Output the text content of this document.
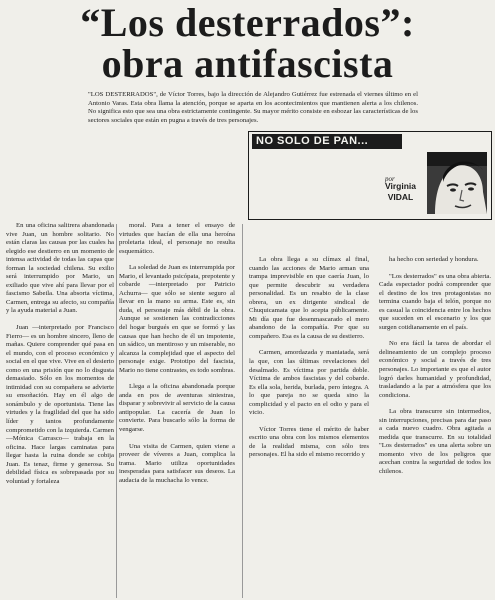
“Los desterrados”:
obra antifascista

"LOS DESTERRADOS", de Víctor Torres, bajo la dirección de Alejandro Gutiérrez fue estrenada el viernes último en el Antonio Varas. Esta obra llama la atención, porque se aparta en los acontecimientos que mantienen alerta a los chilenos. No significa esto que sea una obra estrictamente contingente. Su mayor mérito consiste en esbozar las características de los sectores sociales que están en pugna a través de tres personajes.

NO SOLO DE PAN...
por
Virginia
VIDAL

En una oficina salitrera abandonada vive Juan, un hombre solitario. No están claras las causas por las cuales ha elegido ese destierro en un momento de intensa actividad de todas las capas que forman la sociedad chilena. Su exilio será interrumpido por Mario, un exiliado que vive ahí para llevar por el fascismo Sabeila. Una absorta víctima, Carmen, entrega su afecto, su compañía y la ayuda material a Juan.

Juan —interpretado por Francisco Fierro— es un hombre sincero, lleno de mañas. Quiere comprender qué pasa en el mundo, con el proceso económico y social en el que vive. Vive en el desierto como en una prisión que no lo disgusta demasiado. Sólo en los momentos de intimidad con su compañera se advierte su ensoñación. Hay en él algo de sonámbulo y de oportunista. Tiene las virtudes y la fragilidad del que ha sido líder y tantos profundamente comprometido con la izquierda. Carmen —Mónica Carrasco— trabaja en la oficina. Hace largas caminatas para llegar hasta la ruina donde se cobija Juan. Es tenaz, firme y generosa. Su debilidad física es sobrepasada por su voluntad y fortaleza

moral. Para a tener el ensayo de virtudes que hacían de ella una heroína proletaria ideal, el personaje no resulta esquemático.

La soledad de Juan es interrumpida por Mario, el levantado psicópata, prepotente y cobarde —interpretado por Patricio Achurra— que sólo se siente seguro al llevar en la mano su arma. Este es, sin duda, el personaje más débil de la obra. Aunque se sostienen las contradicciones del hogar burgués en que se formó y las causas que han hecho de él un impotente, un sádico, un mentiroso y un miserable, no alcanza la complejidad que el aspecto del personaje exige. Prototipo del fascista, Mario no tiene contrastes, es todo sombras.

Llega a la oficina abandonada porque anda en pos de aventuras siniestras, disparar y sobrevivir al servicio de la causa antipopular. La cacería de Juan lo convierte. Para buscarlo sólo la forma de vengarse.

Una visita de Carmen, quien viene a proveer de víveres a Juan, complica la trama. Mario utiliza oportunidades inesperadas para satisfacer sus deseos. La audacia de la muchacha lo vence.

La obra llega a su clímax al final, cuando las acciones de Mario arman una trampa imprevisible en que caería Juan, lo que permite descubrir su verdadera personalidad. Es un resabio de la clase obrera, un ex dirigente sindical de Chuquicamata que lo acepta públicamente. Mi día que fue desenmascarado el mero abandono de la compañía. Por que su compañero. Esa es la causa de su destierro.

Carmen, amordazada y maniatada, será la que, con las últimas revelaciones del desalmado. Es víctima por partida doble. Víctima de ambos fascistas y del cobarde. Es ella sola, herida, burlada, pero íntegra. A lo que pareja no se queda sino la complicidad y el pacto en el odio y para el vicio.

Víctor Torres tiene el mérito de haber escrito una obra con los mismos elementos de la realidad misma, con sólo tres personajes. El ha sido el mismo recorrido y

ha hecho con seriedad y hondura.

"Los desterrados" es una obra abierta. Cada espectador podrá comprender que el destino de los tres protagonistas no termina cuando baja el telón, porque no es casual la coincidencia entre los hechos que suceden en el escenario y los que surgen cotidianamente en el país.

No era fácil la tarea de abordar el delineamiento de un complejo proceso económico y social a través de tres personajes. Lo importante es que el autor logró darles humanidad y profundidad, trasladando a la par a atmósfera que los condiciona.

La obra transcurre sin intermedios, sin interrupciones, precisas para dar paso a cada nuevo cuadro. Obra agitada a medida que transcurre. En su totalidad "Los desterrados" es una alerta sobre un momento vivo de los peligros que acechan contra la seguridad de todos los chilenos.
